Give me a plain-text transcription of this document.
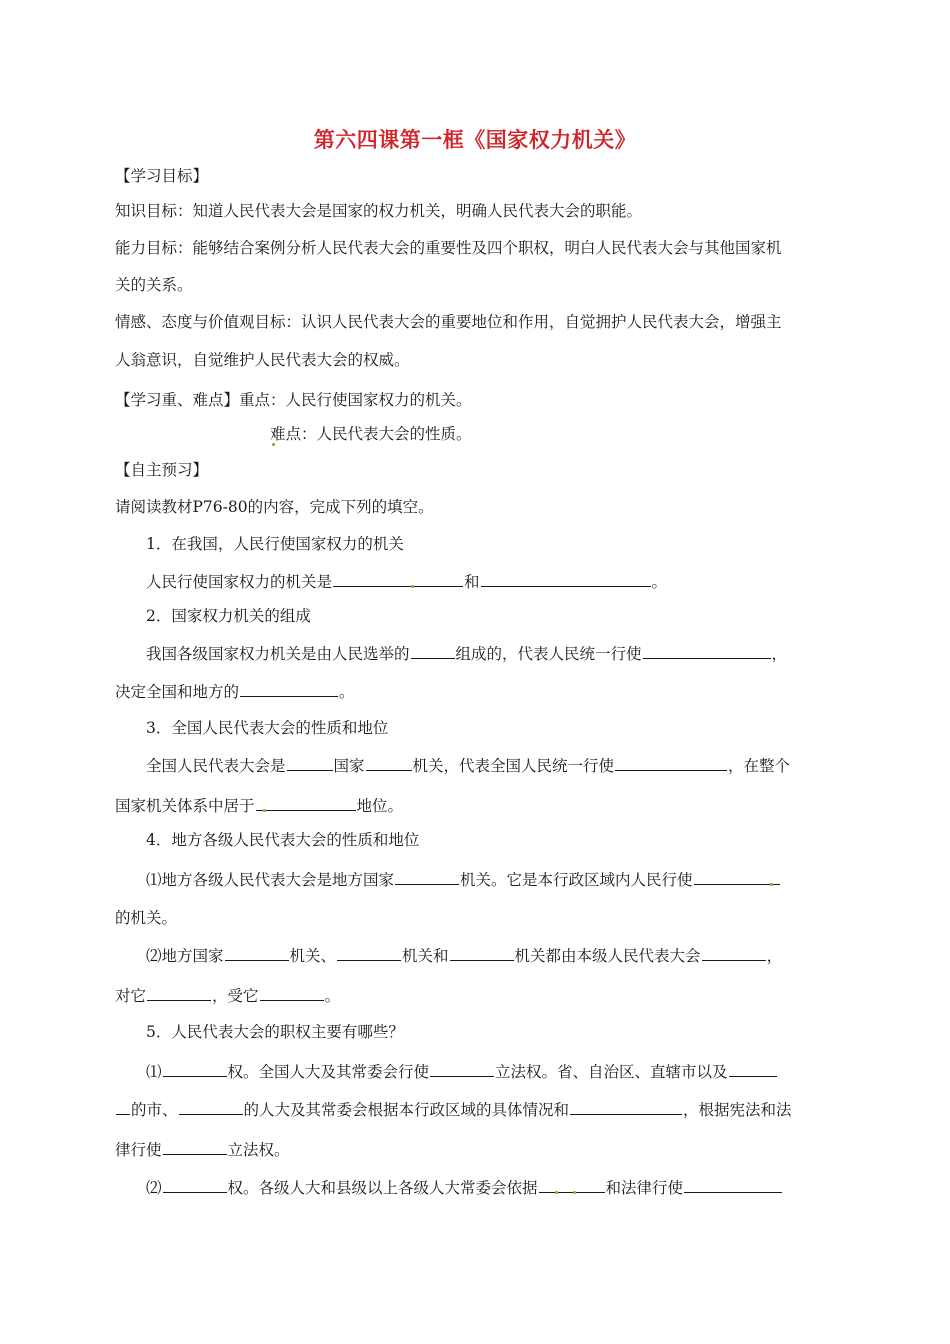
第六四课第一框《国家权力机关》
【学习目标】
知识目标：知道人民代表大会是国家的权力机关，明确人民代表大会的职能。
能力目标：能够结合案例分析人民代表大会的重要性及四个职权，明白人民代表大会与其他国家机
关的关系。
情感、态度与价值观目标：认识人民代表大会的重要地位和作用，自觉拥护人民代表大会，增强主
人翁意识，自觉维护人民代表大会的权威。
【学习重、难点】重点：人民行使国家权力的机关。
难点：人民代表大会的性质。
【自主预习】
请阅读教材P76-80的内容，完成下列的填空。
1．在我国，人民行使国家权力的机关
人民行使国家权力的机关是	和	。
2．国家权力机关的组成
我国各级国家权力机关是由人民选举的	组成的，代表人民统一行使	，
决定全国和地方的	。
3．全国人民代表大会的性质和地位
全国人民代表大会是	国家	机关，代表全国人民统一行使	，在整个
国家机关体系中居于	地位。
4．地方各级人民代表大会的性质和地位
⑴地方各级人民代表大会是地方国家	机关。它是本行政区域内人民行使
的机关。
⑵地方国家	机关、	机关和	机关都由本级人民代表大会	，
对它	，受它	。
5．人民代表大会的职权主要有哪些？
⑴	权。全国人大及其常委会行使	立法权。省、自治区、直辖市以及
的市、	的人大及其常委会根据本行政区域的具体情况和	，根据宪法和法
律行使	立法权。
⑵	权。各级人大和县级以上各级人大常委会依据	和法律行使
